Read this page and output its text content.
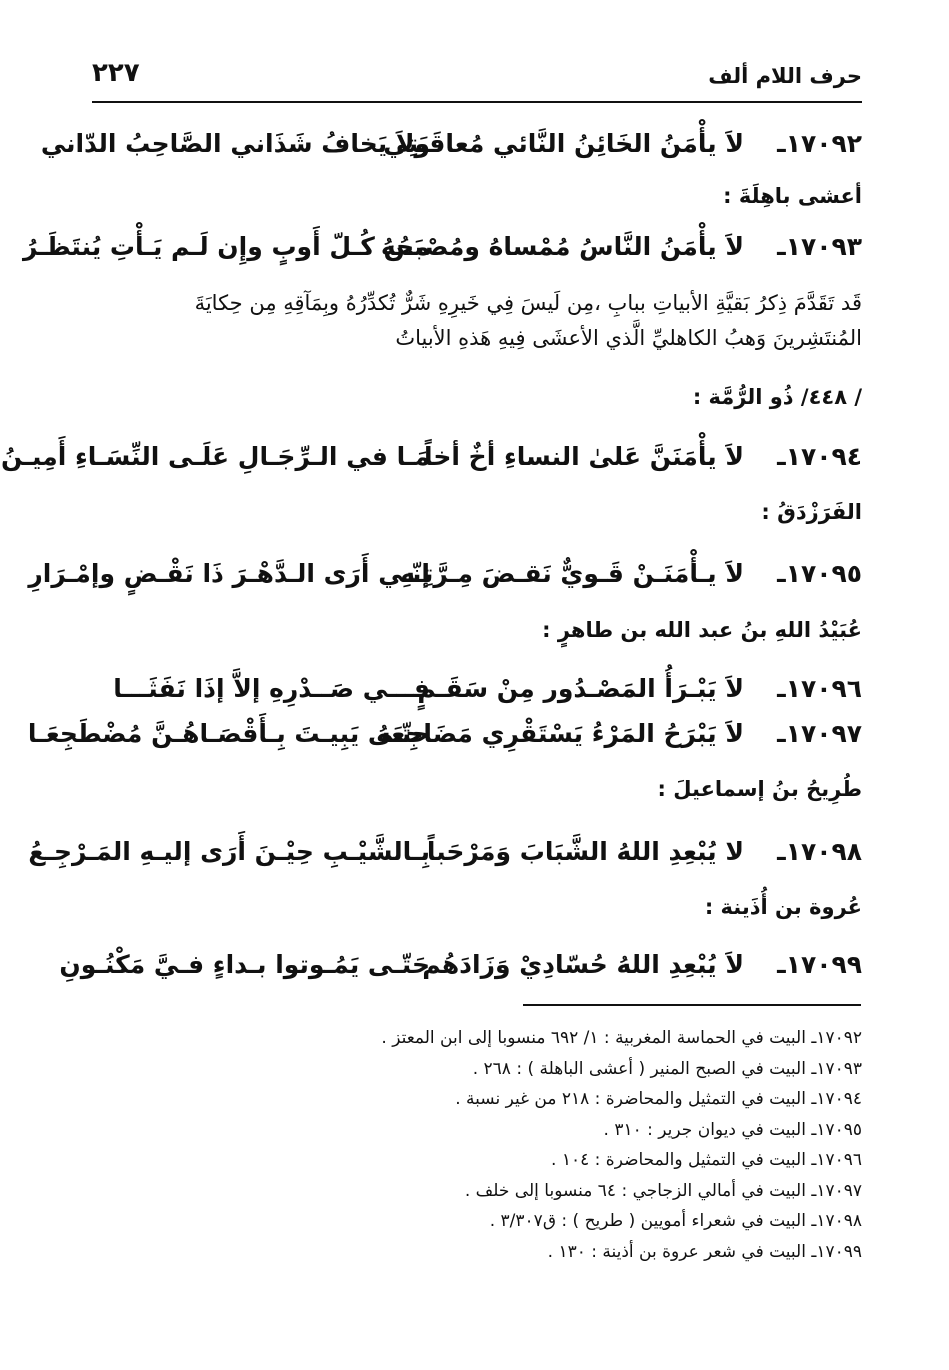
٢٢٧	حرف اللام ألف
١٧٠٩٢ـ
لاَ يأْمَنُ الخَائِنُ النَّائي مُعاقَبَتِي
ولاَ يَخافُ شَذَاني الصَّاحِبُ الدّاني
أعشى باهِلَةَ :
١٧٠٩٣ـ
لاَ يأْمَنُ النَّاسُ مُمْساهُ ومُصْبَحُهُ
مـن كُـلّ أَوبٍ وإِن لَـم يَـأْتِ يُنتَظَـرُ

قَد تَقَدَّمَ ذِكرُ بَقيَّةِ الأبياتِ ببابِ ،مِن لَيسَ فِي خَيرِهِ شَرٌّ تُكدِّرُهُ وبِمَآقِهِ مِن حِكايَةَ

المُنتَشِرينَ وَهبُ الكاهليِّ الَّذي الأعشَى فِيهِ هَذهِ الأبياتُ

/ ٤٤٨/ ذُو الرُّمَّة :
١٧٠٩٤ـ
لاَ يأْمَنَنَّ عَلىٰ النساءِ أخٌ أخاً
مَـا في الـرِّجَـالِ عَلَـى النِّسَـاءِ أَمِيـنُ
الفَرَزْدَقُ :
١٧٠٩٥ـ
لاَ يـأْمَنَـنْ قَـويٌّ نَقـضَ مِـرَّتِـهِ
إنّـي أَرَى الـدَّهْـرَ ذَا نَقْـضٍ وإمْـرَارِ
عُبَيْدُ اللهِ بنُ عبد الله بن طاهرٍ :
١٧٠٩٦ـ
لاَ يَبْـرَأُ المَصْـدُور مِنْ سَقَـمٍ
فـــي صَــدْرِهِ إلاَّ إذَا نَفَثَـــا
١٧٠٩٧ـ
لاَ يَبْرَحُ المَرْءُ يَسْتَقْرِي مَضَاجِعَهُ
حتّـى يَبِيـتَ بِـأَقْصَـاهُـنَّ مُضْطَجِعَـا
طُرِيحُ بنُ إسماعيلَ :
١٧٠٩٨ـ
لا يُبْعِدِ اللهُ الشَّبَابَ وَمَرْحَباً
بِـالشَّيْـبِ حِيْـنَ أَرَى إليـهِ المَـرْجِـعُ
عُروة بن أُذَينة :
١٧٠٩٩ـ
لاَ يُبْعِدِ اللهُ حُسّادِيْ وَزَادَهُم
حَتّـى يَمُـوتوا بـداءٍ فـيَّ مَكْنُـونِ
١٧٠٩٢ـ البيت في الحماسة المغربية : ١/ ٦٩٢ منسوبا إلى ابن المعتز .
١٧٠٩٣ـ البيت في الصبح المنير ( أعشى الباهلة ) : ٢٦٨ .
١٧٠٩٤ـ البيت في التمثيل والمحاضرة : ٢١٨ من غير نسبة .
١٧٠٩٥ـ البيت في ديوان جرير : ٣١٠ .
١٧٠٩٦ـ البيت في التمثيل والمحاضرة : ١٠٤ .
١٧٠٩٧ـ البيت في أمالي الزجاجي : ٦٤ منسوبا إلى خلف .
١٧٠٩٨ـ البيت في شعراء أمويين ( طريح ) : ق٣/٣٠٧ .
١٧٠٩٩ـ البيت في شعر عروة بن أذينة : ١٣٠ .
